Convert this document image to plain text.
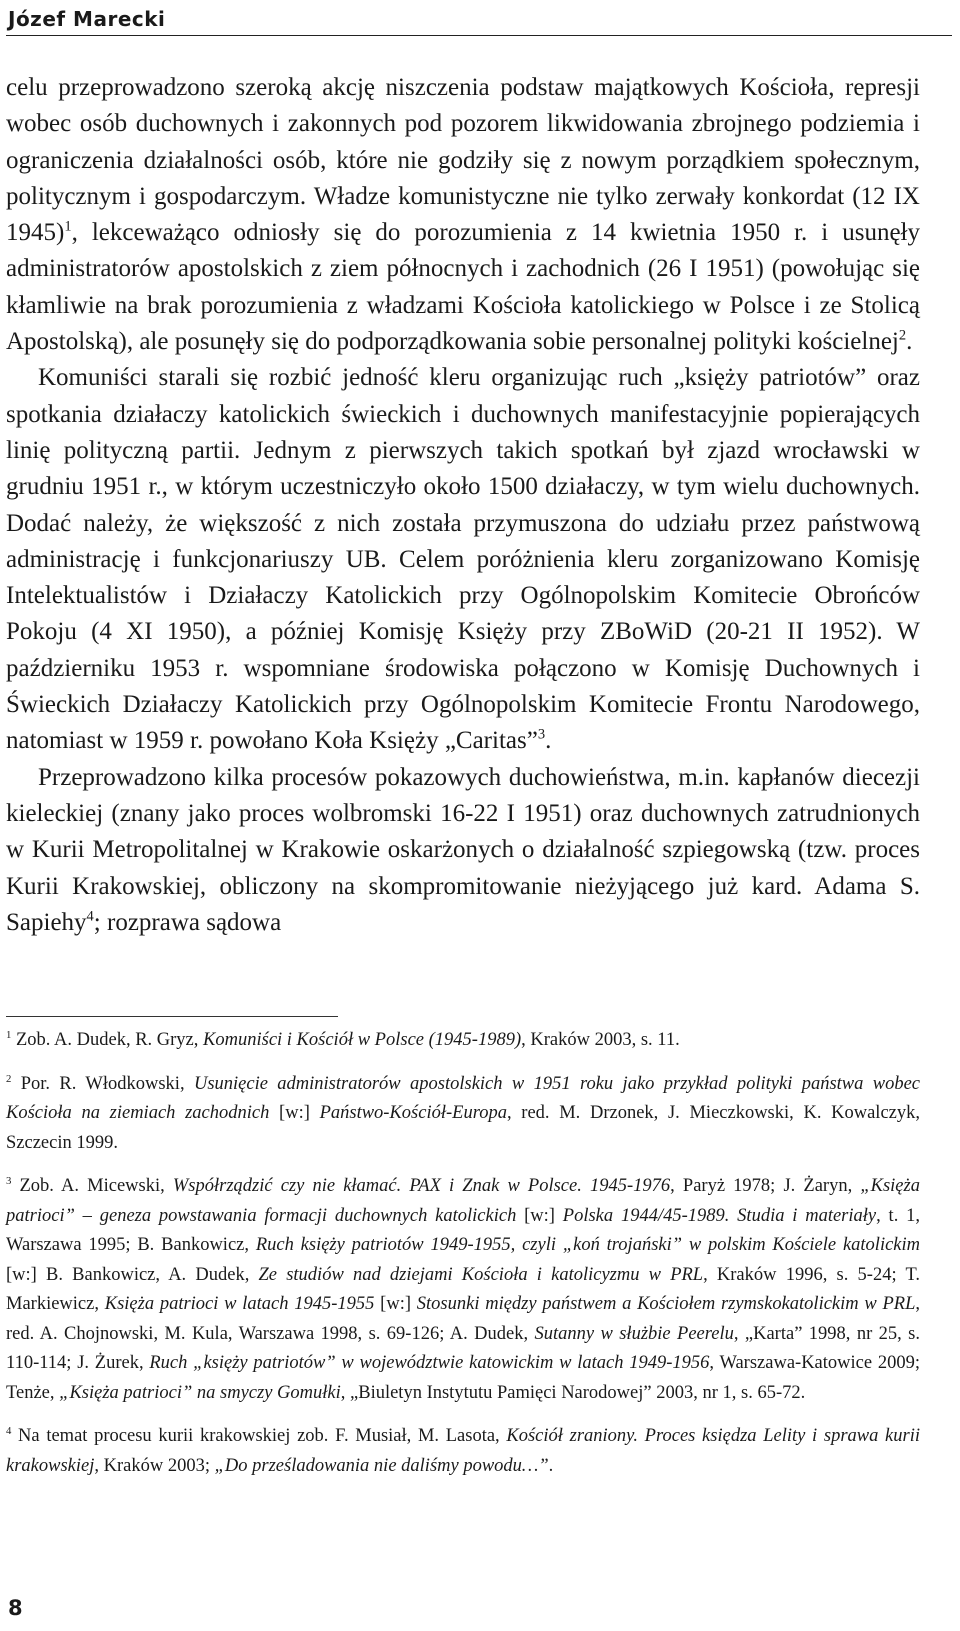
Józef Marecki

celu przeprowadzono szeroką akcję niszczenia podstaw majątkowych Kościoła, represji wobec osób duchownych i zakonnych pod pozorem likwidowania zbrojnego podziemia i ograniczenia działalności osób, które nie godziły się z nowym porządkiem społecznym, politycznym i gospodarczym. Władze komunistyczne nie tylko zerwały konkordat (12 IX 1945)$^1$, lekceważąco odniosły się do porozumienia z 14 kwietnia 1950 r. i usunęły administratorów apostolskich z ziem północnych i zachodnich (26 I 1951) (powołując się kłamliwie na brak porozumienia z władzami Kościoła katolickiego w Polsce i ze Stolicą Apostolską), ale posunęły się do podporządkowania sobie personalnej polityki kościelnej$^2$.

Komuniści starali się rozbić jedność kleru organizując ruch „księży patriotów” oraz spotkania działaczy katolickich świeckich i duchownych manifestacyjnie popierających linię polityczną partii. Jednym z pierwszych takich spotkań był zjazd wrocławski w grudniu 1951 r., w którym uczestniczyło około 1500 działaczy, w tym wielu duchownych. Dodać należy, że większość z nich została przymuszona do udziału przez państwową administrację i funkcjonariuszy UB. Celem poróżnienia kleru zorganizowano Komisję Intelektualistów i Działaczy Katolickich przy Ogólnopolskim Komitecie Obrońców Pokoju (4 XI 1950), a później Komisję Księży przy ZBoWiD (20-21 II 1952). W październiku 1953 r. wspomniane środowiska połączono w Komisję Duchownych i Świeckich Działaczy Katolickich przy Ogólnopolskim Komitecie Frontu Narodowego, natomiast w 1959 r. powołano Koła Księży „Caritas”$^3$.

Przeprowadzono kilka procesów pokazowych duchowieństwa, m.in. kapłanów diecezji kieleckiej (znany jako proces wolbromski 16-22 I 1951) oraz duchownych zatrudnionych w Kurii Metropolitalnej w Krakowie oskarżonych o działalność szpiegowską (tzw. proces Kurii Krakowskiej, obliczony na skompromitowanie nieżyjącego już kard. Adama S. Sapiehy$^4$; rozprawa sądowa

$^1$ Zob. A. Dudek, R. Gryz, Komuniści i Kościół w Polsce (1945-1989), Kraków 2003, s. 11.

$^2$ Por. R. Włodkowski, Usunięcie administratorów apostolskich w 1951 roku jako przykład polityki państwa wobec Kościoła na ziemiach zachodnich [w:] Państwo-Kościół-Europa, red. M. Drzonek, J. Mieczkowski, K. Kowalczyk, Szczecin 1999.

$^3$ Zob. A. Micewski, Współrządzić czy nie kłamać. PAX i Znak w Polsce. 1945-1976, Paryż 1978; J. Żaryn, „Księża patrioci” – geneza powstawania formacji duchownych katolickich [w:] Polska 1944/45-1989. Studia i materiały, t. 1, Warszawa 1995; B. Bankowicz, Ruch księży patriotów 1949-1955, czyli „koń trojański” w polskim Kościele katolickim [w:] B. Bankowicz, A. Dudek, Ze studiów nad dziejami Kościoła i katolicyzmu w PRL, Kraków 1996, s. 5-24; T. Markiewicz, Księża patrioci w latach 1945-1955 [w:] Stosunki między państwem a Kościołem rzymskokatolickim w PRL, red. A. Chojnowski, M. Kula, Warszawa 1998, s. 69-126; A. Dudek, Sutanny w służbie Peerelu, „Karta” 1998, nr 25, s. 110-114; J. Żurek, Ruch „księży patriotów” w województwie katowickim w latach 1949-1956, Warszawa-Katowice 2009; Tenże, „Księża patrioci” na smyczy Gomułki, „Biuletyn Instytutu Pamięci Narodowej” 2003, nr 1, s. 65-72.

$^4$ Na temat procesu kurii krakowskiej zob. F. Musiał, M. Lasota, Kościół zraniony. Proces księdza Lelity i sprawa kurii krakowskiej, Kraków 2003; „Do prześladowania nie daliśmy powodu…”.

8
